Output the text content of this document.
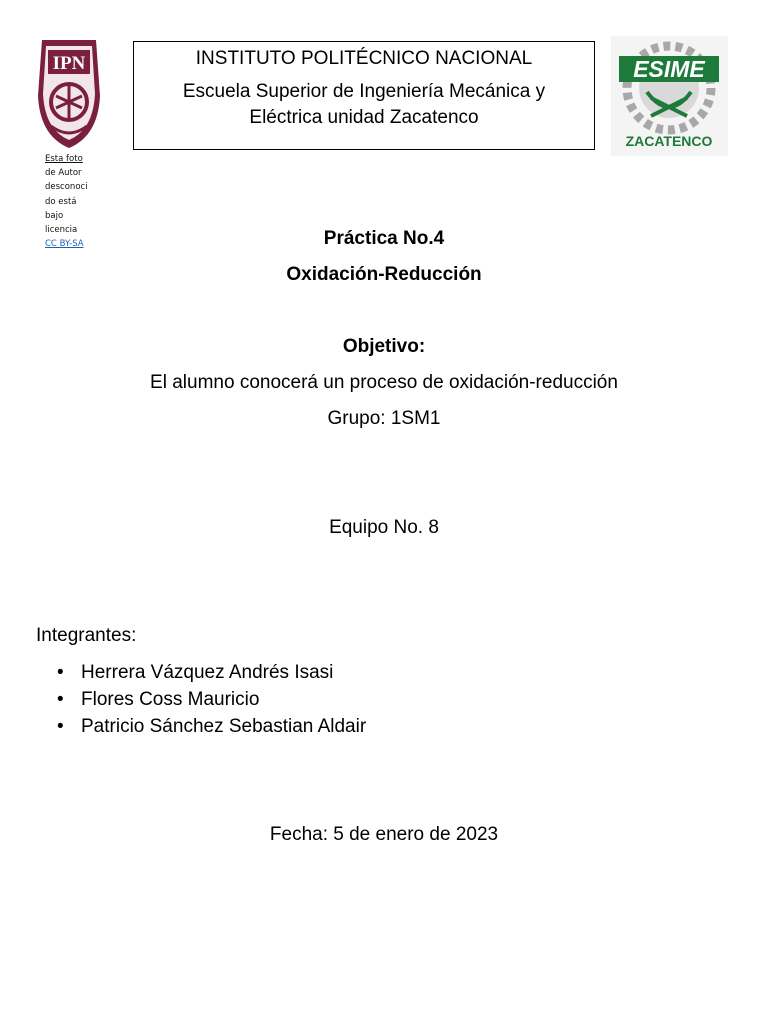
IPN
Esta foto
de Autor
desconoci
do está
bajo
licencia
CC BY-SA
INSTITUTO POLITÉCNICO NACIONAL
Escuela Superior de Ingeniería Mecánica y
Eléctrica unidad Zacatenco
ESIME
ZACATENCO
Práctica No.4
Oxidación-Reducción
Objetivo:
El alumno conocerá un proceso de oxidación-reducción
Grupo: 1SM1
Equipo No. 8
Integrantes:
• Herrera Vázquez Andrés Isasi
• Flores Coss Mauricio
• Patricio Sánchez Sebastian Aldair
Fecha: 5 de enero de 2023
